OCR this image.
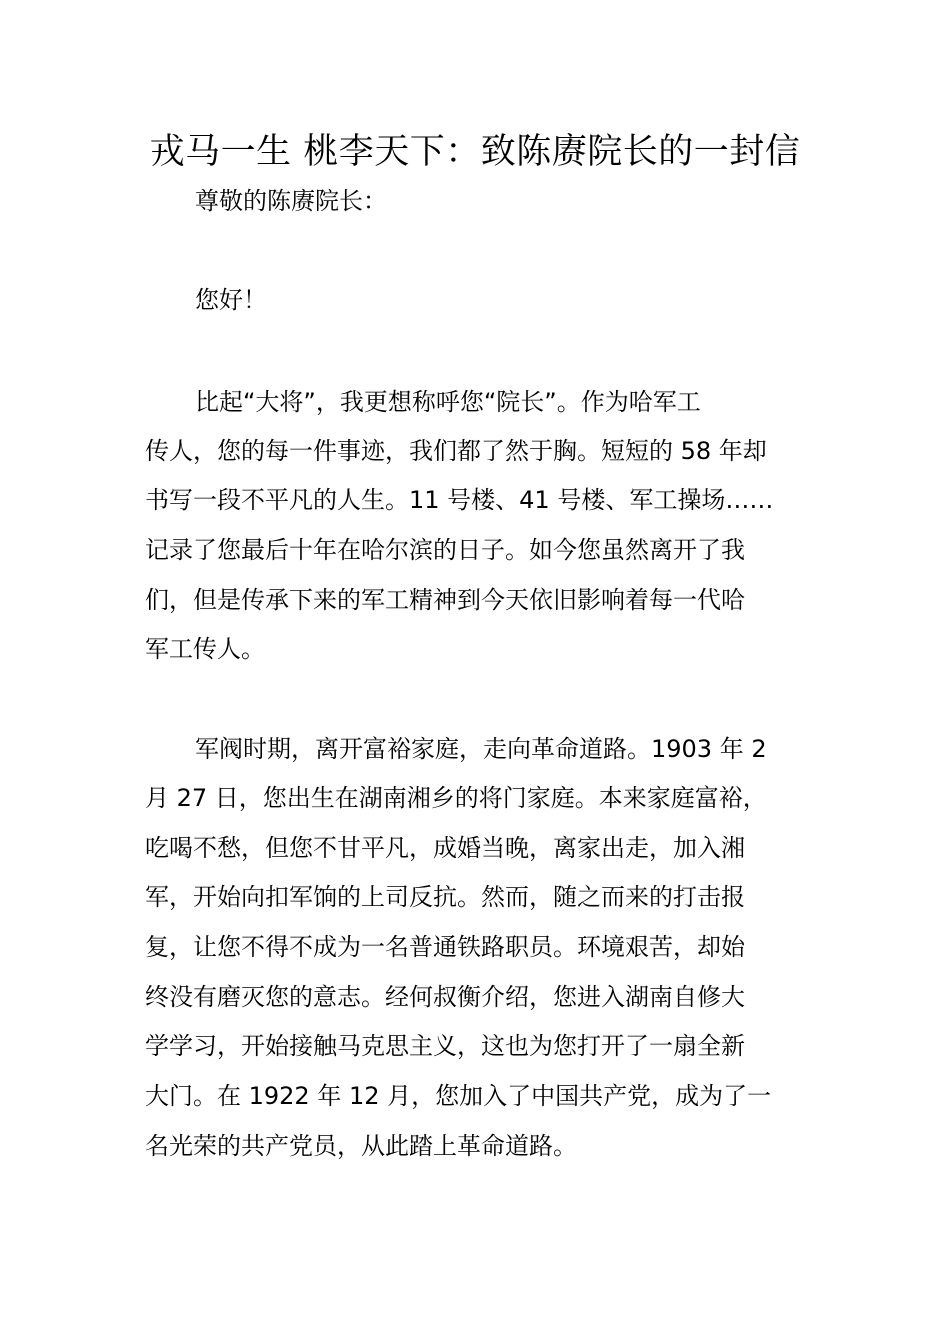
戎马一生 桃李天下：致陈赓院长的一封信
尊敬的陈赓院长：
您好！
比起“大将”，我更想称呼您“院长”。作为哈军工
传人，您的每一件事迹，我们都了然于胸。短短的 58 年却
书写一段不平凡的人生。11 号楼、41 号楼、军工操场……
记录了您最后十年在哈尔滨的日子。如今您虽然离开了我
们，但是传承下来的军工精神到今天依旧影响着每一代哈
军工传人。
军阀时期，离开富裕家庭，走向革命道路。1903 年 2
月 27 日，您出生在湖南湘乡的将门家庭。本来家庭富裕，
吃喝不愁，但您不甘平凡，成婚当晚，离家出走，加入湘
军，开始向扣军饷的上司反抗。然而，随之而来的打击报
复，让您不得不成为一名普通铁路职员。环境艰苦，却始
终没有磨灭您的意志。经何叔衡介绍，您进入湖南自修大
学学习，开始接触马克思主义，这也为您打开了一扇全新
大门。在 1922 年 12 月，您加入了中国共产党，成为了一
名光荣的共产党员，从此踏上革命道路。
